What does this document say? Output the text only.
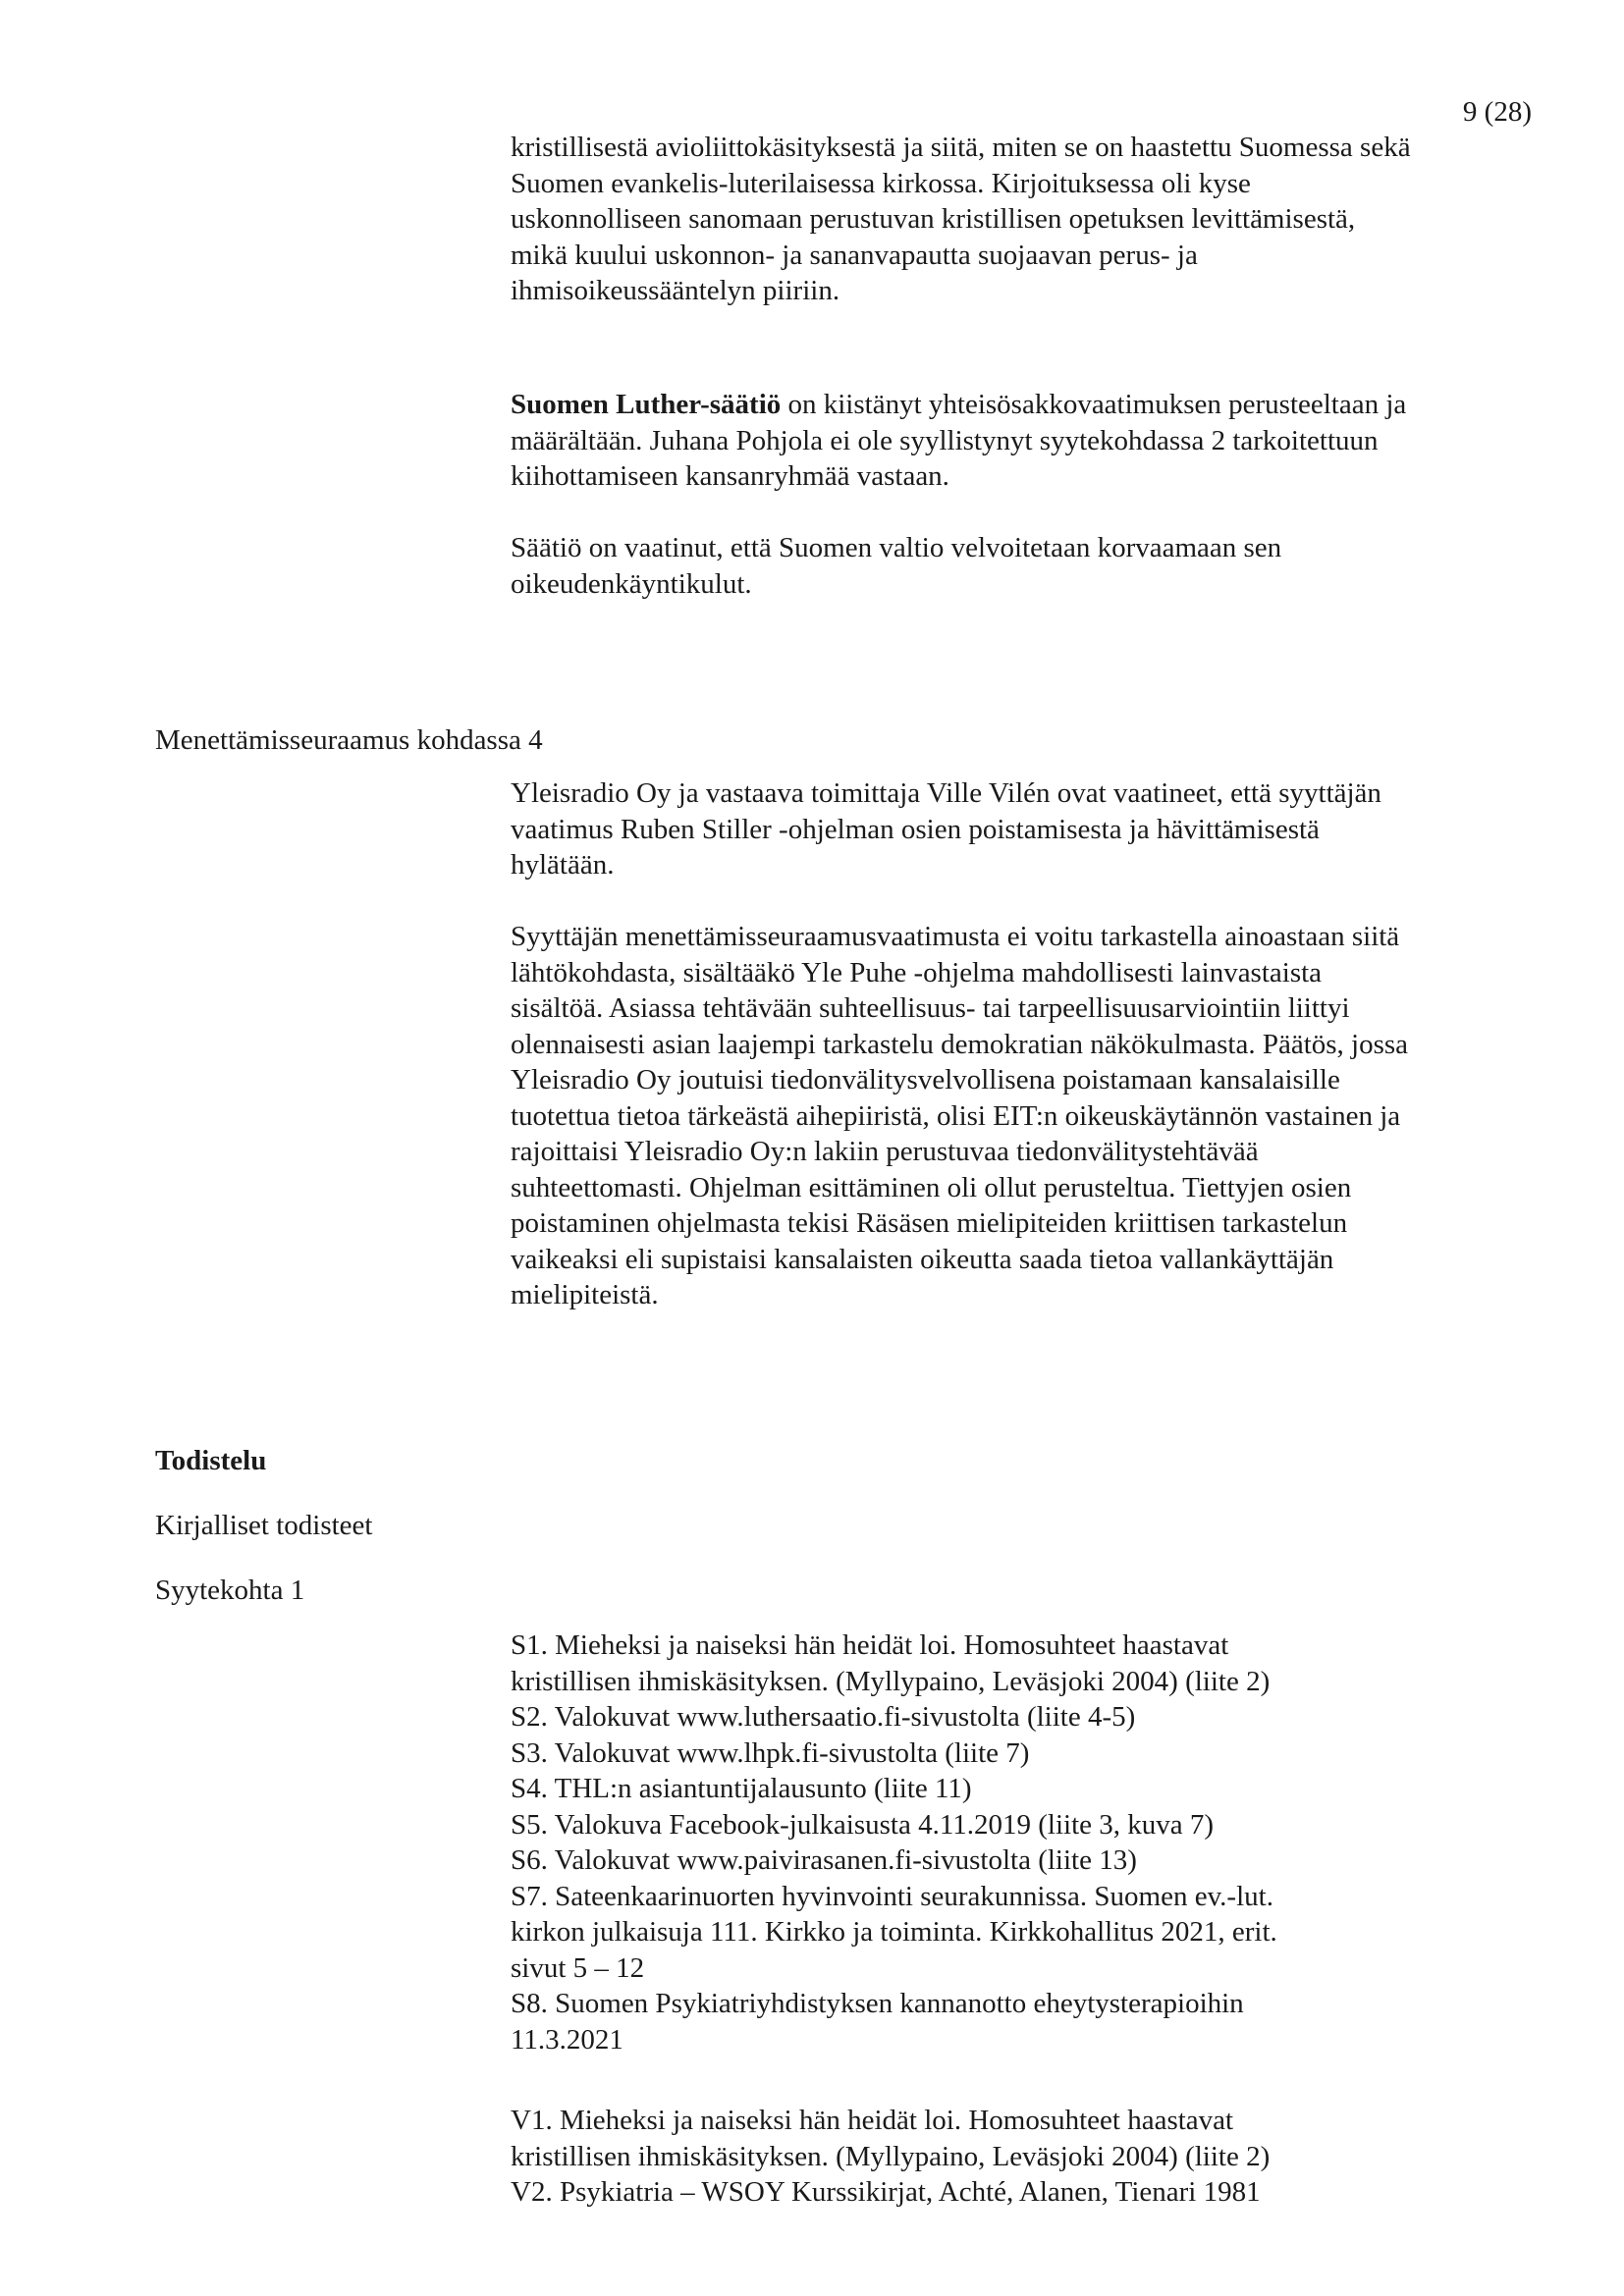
9 (28)

kristillisestä avioliittokäsityksestä ja siitä, miten se on haastettu Suomessa sekä
Suomen evankelis-luterilaisessa kirkossa. Kirjoituksessa oli kyse
uskonnolliseen sanomaan perustuvan kristillisen opetuksen levittämisestä,
mikä kuului uskonnon- ja sananvapautta suojaavan perus- ja
ihmisoikeussääntelyn piiriin.

Suomen Luther-säätiö on kiistänyt yhteisösakkovaatimuksen perusteeltaan ja
määrältään. Juhana Pohjola ei ole syyllistynyt syytekohdassa 2 tarkoitettuun
kiihottamiseen kansanryhmää vastaan.

Säätiö on vaatinut, että Suomen valtio velvoitetaan korvaamaan sen
oikeudenkäyntikulut.

Menettämisseuraamus kohdassa 4

Yleisradio Oy ja vastaava toimittaja Ville Vilén ovat vaatineet, että syyttäjän
vaatimus Ruben Stiller -ohjelman osien poistamisesta ja hävittämisestä
hylätään.

Syyttäjän menettämisseuraamusvaatimusta ei voitu tarkastella ainoastaan siitä
lähtökohdasta, sisältääkö Yle Puhe -ohjelma mahdollisesti lainvastaista
sisältöä. Asiassa tehtävään suhteellisuus- tai tarpeellisuusarviointiin liittyi
olennaisesti asian laajempi tarkastelu demokratian näkökulmasta. Päätös, jossa
Yleisradio Oy joutuisi tiedonvälitysvelvollisena poistamaan kansalaisille
tuotettua tietoa tärkeästä aihepiiristä, olisi EIT:n oikeuskäytännön vastainen ja
rajoittaisi Yleisradio Oy:n lakiin perustuvaa tiedonvälitystehtävää
suhteettomasti. Ohjelman esittäminen oli ollut perusteltua. Tiettyjen osien
poistaminen ohjelmasta tekisi Räsäsen mielipiteiden kriittisen tarkastelun
vaikeaksi eli supistaisi kansalaisten oikeutta saada tietoa vallankäyttäjän
mielipiteistä.

Todistelu
Kirjalliset todisteet
Syytekohta 1
S1. Mieheksi ja naiseksi hän heidät loi. Homosuhteet haastavat
kristillisen ihmiskäsityksen. (Myllypaino, Leväsjoki 2004) (liite 2)
S2. Valokuvat www.luthersaatio.fi-sivustolta (liite 4-5)
S3. Valokuvat www.lhpk.fi-sivustolta (liite 7)
S4. THL:n asiantuntijalausunto (liite 11)
S5. Valokuva Facebook-julkaisusta 4.11.2019 (liite 3, kuva 7)
S6. Valokuvat www.paivirasanen.fi-sivustolta (liite 13)
S7. Sateenkaarinuorten hyvinvointi seurakunnissa. Suomen ev.-lut.
kirkon julkaisuja 111. Kirkko ja toiminta. Kirkkohallitus 2021, erit.
sivut 5 – 12
S8. Suomen Psykiatriyhdistyksen kannanotto eheytysterapioihin
11.3.2021
V1. Mieheksi ja naiseksi hän heidät loi. Homosuhteet haastavat
kristillisen ihmiskäsityksen. (Myllypaino, Leväsjoki 2004) (liite 2)
V2. Psykiatria – WSOY Kurssikirjat, Achté, Alanen, Tienari 1981
